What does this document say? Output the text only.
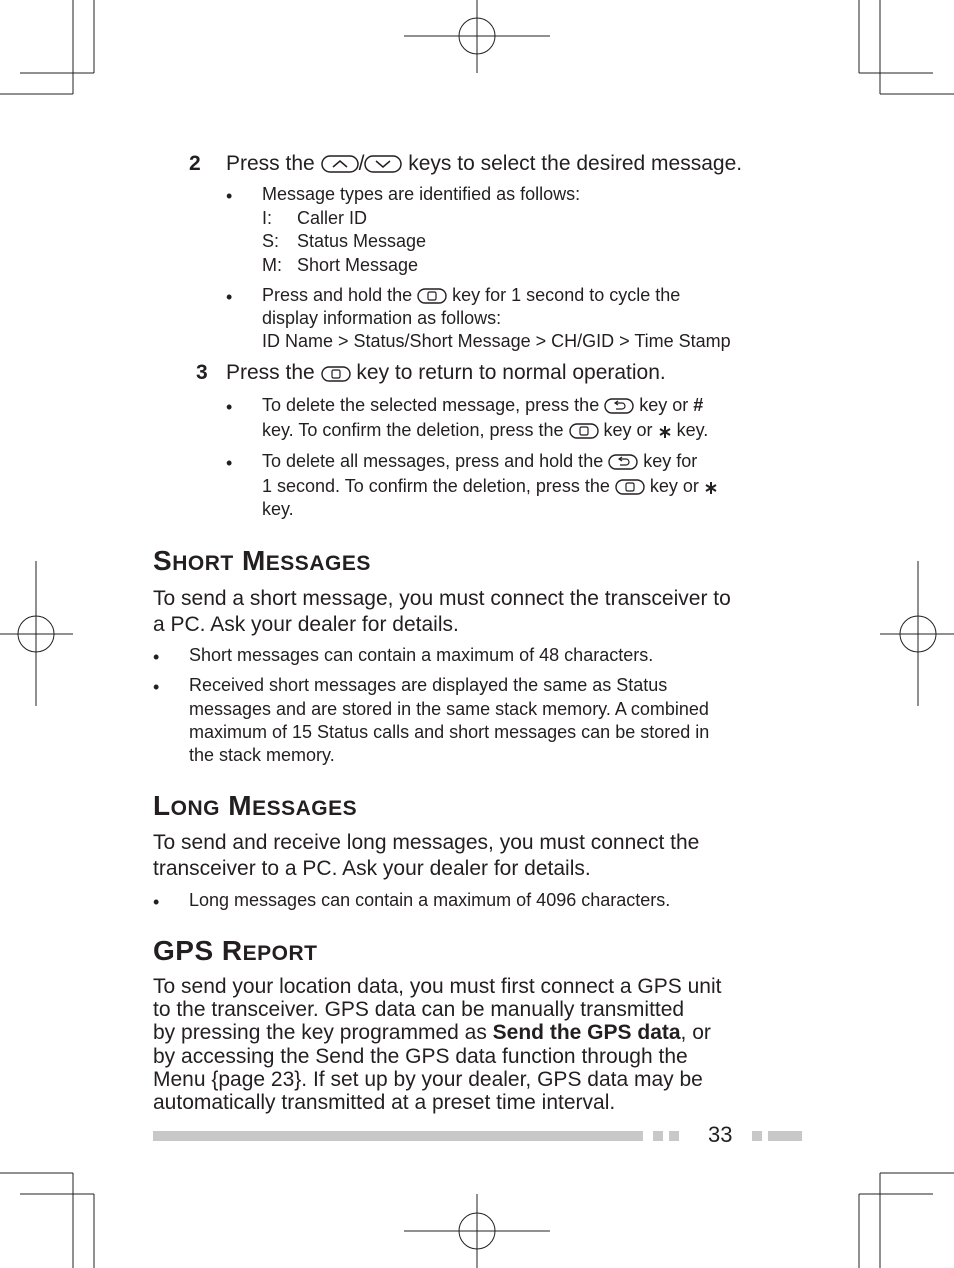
2 Press the / keys to select the desired message.
• Message types are identified as follows:
I: Caller ID
S: Status Message
M: Short Message
• Press and hold the key for 1 second to cycle the
display information as follows:
ID Name > Status/Short Message > CH/GID > Time Stamp
3 Press the key to return to normal operation.
• To delete the selected message, press the key or #
key. To confirm the deletion, press the key or key.
• To delete all messages, press and hold the key for
1 second. To confirm the deletion, press the key or
key.
SHORT MESSAGES
To send a short message, you must connect the transceiver to
a PC. Ask your dealer for details.
• Short messages can contain a maximum of 48 characters.
• Received short messages are displayed the same as Status
messages and are stored in the same stack memory. A combined
maximum of 15 Status calls and short messages can be stored in
the stack memory.
LONG MESSAGES
To send and receive long messages, you must connect the
transceiver to a PC. Ask your dealer for details.
• Long messages can contain a maximum of 4096 characters.
GPS REPORT
To send your location data, you must first connect a GPS unit
to the transceiver. GPS data can be manually transmitted
by pressing the key programmed as Send the GPS data, or
by accessing the Send the GPS data function through the
Menu {page 23}. If set up by your dealer, GPS data may be
automatically transmitted at a preset time interval.
33
